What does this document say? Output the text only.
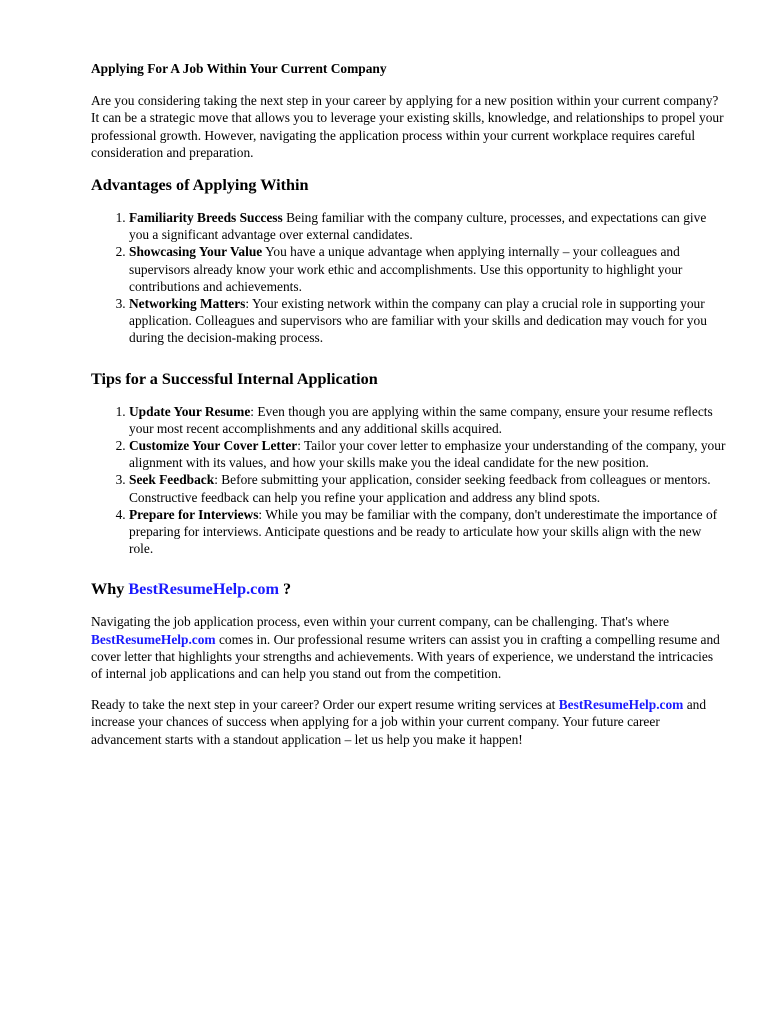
Applying For A Job Within Your Current Company

Are you considering taking the next step in your career by applying for a new position within your current company? It can be a strategic move that allows you to leverage your existing skills, knowledge, and relationships to propel your professional growth. However, navigating the application process within your current workplace requires careful consideration and preparation.

Advantages of Applying Within
1. Familiarity Breeds Success Being familiar with the company culture, processes, and expectations can give you a significant advantage over external candidates.
2. Showcasing Your Value You have a unique advantage when applying internally – your colleagues and supervisors already know your work ethic and accomplishments. Use this opportunity to highlight your contributions and achievements.
3. Networking Matters: Your existing network within the company can play a crucial role in supporting your application. Colleagues and supervisors who are familiar with your skills and dedication may vouch for you during the decision-making process.
Tips for a Successful Internal Application
1. Update Your Resume: Even though you are applying within the same company, ensure your resume reflects your most recent accomplishments and any additional skills acquired.
2. Customize Your Cover Letter: Tailor your cover letter to emphasize your understanding of the company, your alignment with its values, and how your skills make you the ideal candidate for the new position.
3. Seek Feedback: Before submitting your application, consider seeking feedback from colleagues or mentors. Constructive feedback can help you refine your application and address any blind spots.
4. Prepare for Interviews: While you may be familiar with the company, don't underestimate the importance of preparing for interviews. Anticipate questions and be ready to articulate how your skills align with the new role.
Why BestResumeHelp.com ?

Navigating the job application process, even within your current company, can be challenging. That's where BestResumeHelp.com comes in. Our professional resume writers can assist you in crafting a compelling resume and cover letter that highlights your strengths and achievements. With years of experience, we understand the intricacies of internal job applications and can help you stand out from the competition.

Ready to take the next step in your career? Order our expert resume writing services at BestResumeHelp.com and increase your chances of success when applying for a job within your current company. Your future career advancement starts with a standout application – let us help you make it happen!
